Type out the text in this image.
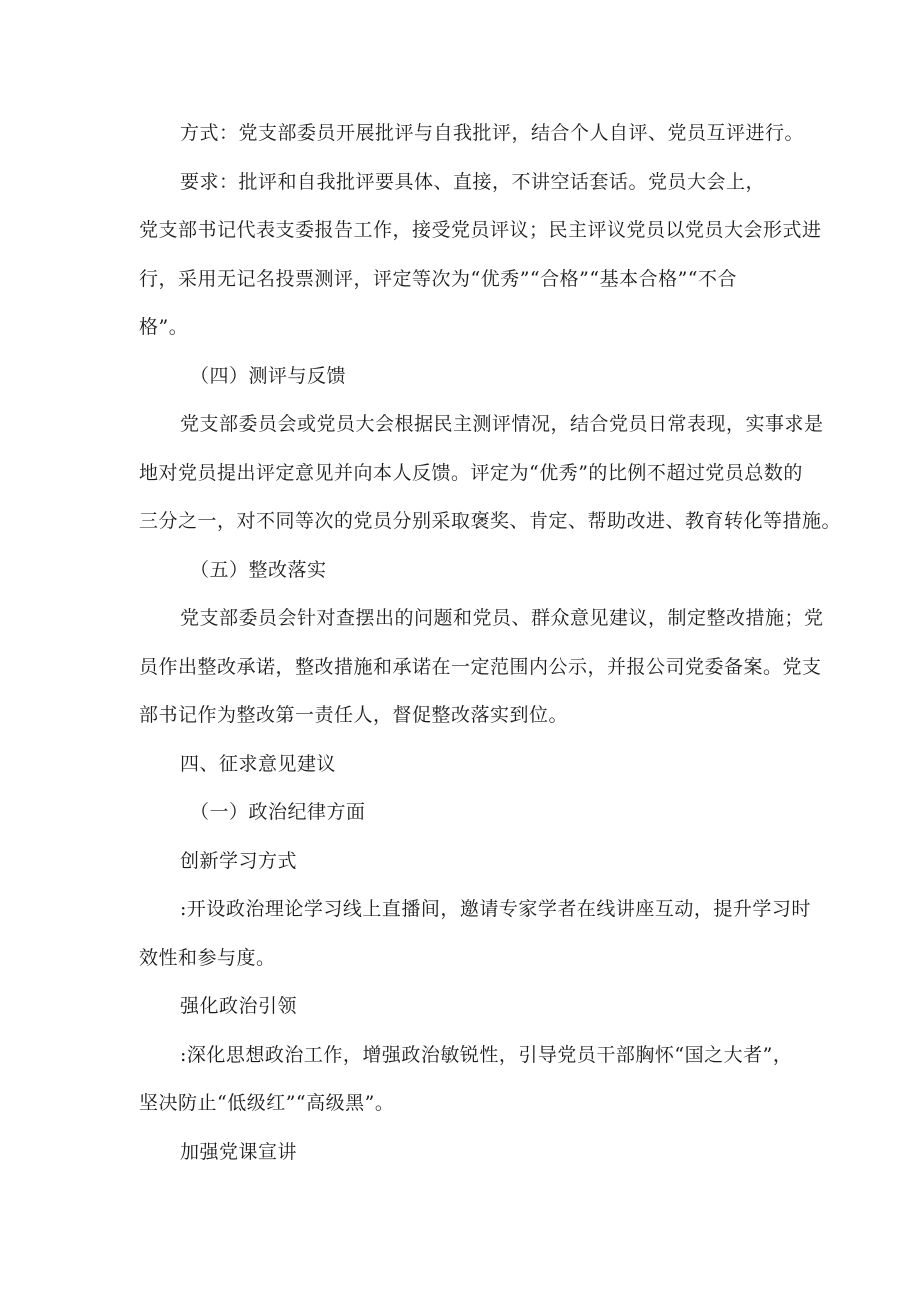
方式：党支部委员开展批评与自我批评，结合个人自评、党员互评进行。
要求：批评和自我批评要具体、直接，不讲空话套话。党员大会上，
党支部书记代表支委报告工作，接受党员评议；民主评议党员以党员大会形式进
行，采用无记名投票测评，评定等次为“优秀”“合格”“基本合格”“不合
格”。
（四）测评与反馈
党支部委员会或党员大会根据民主测评情况，结合党员日常表现，实事求是
地对党员提出评定意见并向本人反馈。评定为“优秀”的比例不超过党员总数的
三分之一，对不同等次的党员分别采取褒奖、肯定、帮助改进、教育转化等措施。
（五）整改落实
党支部委员会针对查摆出的问题和党员、群众意见建议，制定整改措施；党
员作出整改承诺，整改措施和承诺在一定范围内公示，并报公司党委备案。党支
部书记作为整改第一责任人，督促整改落实到位。
四、征求意见建议
（一）政治纪律方面
创新学习方式
:开设政治理论学习线上直播间，邀请专家学者在线讲座互动，提升学习时
效性和参与度。
强化政治引领
:深化思想政治工作，增强政治敏锐性，引导党员干部胸怀“国之大者”，
坚决防止“低级红”“高级黑”。
加强党课宣讲
